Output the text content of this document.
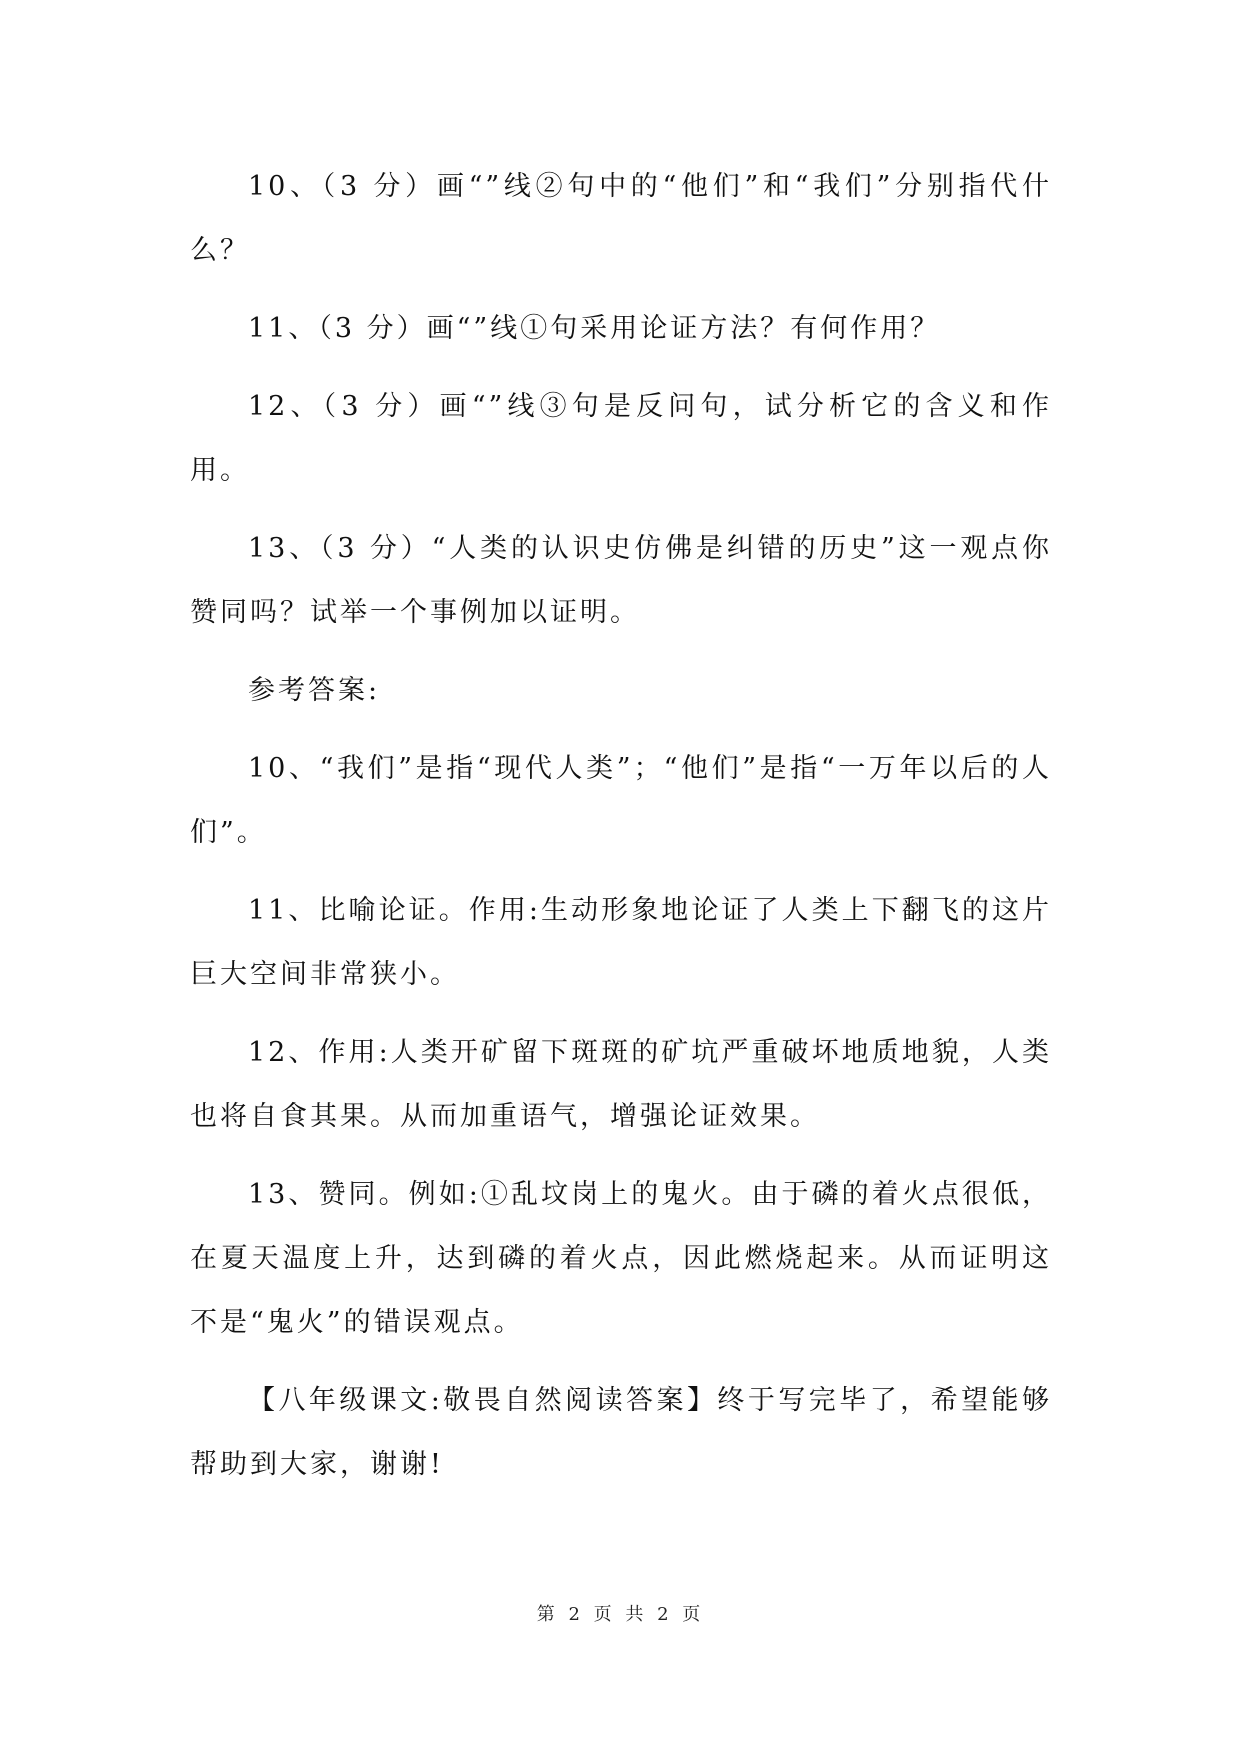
10、（3 分）画“”线②句中的“他们”和“我们”分别指代什么？

11、（3 分）画“”线①句采用论证方法？有何作用？

12、（3 分）画“”线③句是反问句，试分析它的含义和作用。

13、（3 分）“人类的认识史仿佛是纠错的历史”这一观点你赞同吗？试举一个事例加以证明。

参考答案:

10、“我们”是指“现代人类”；“他们”是指“一万年以后的人们”。

11、比喻论证。作用:生动形象地论证了人类上下翻飞的这片巨大空间非常狭小。

12、作用:人类开矿留下斑斑的矿坑严重破坏地质地貌，人类也将自食其果。从而加重语气，增强论证效果。

13、赞同。例如:①乱坟岗上的鬼火。由于磷的着火点很低，在夏天温度上升，达到磷的着火点，因此燃烧起来。从而证明这不是“鬼火”的错误观点。

【八年级课文:敬畏自然阅读答案】终于写完毕了，希望能够帮助到大家，谢谢!

第 2 页 共 2 页
